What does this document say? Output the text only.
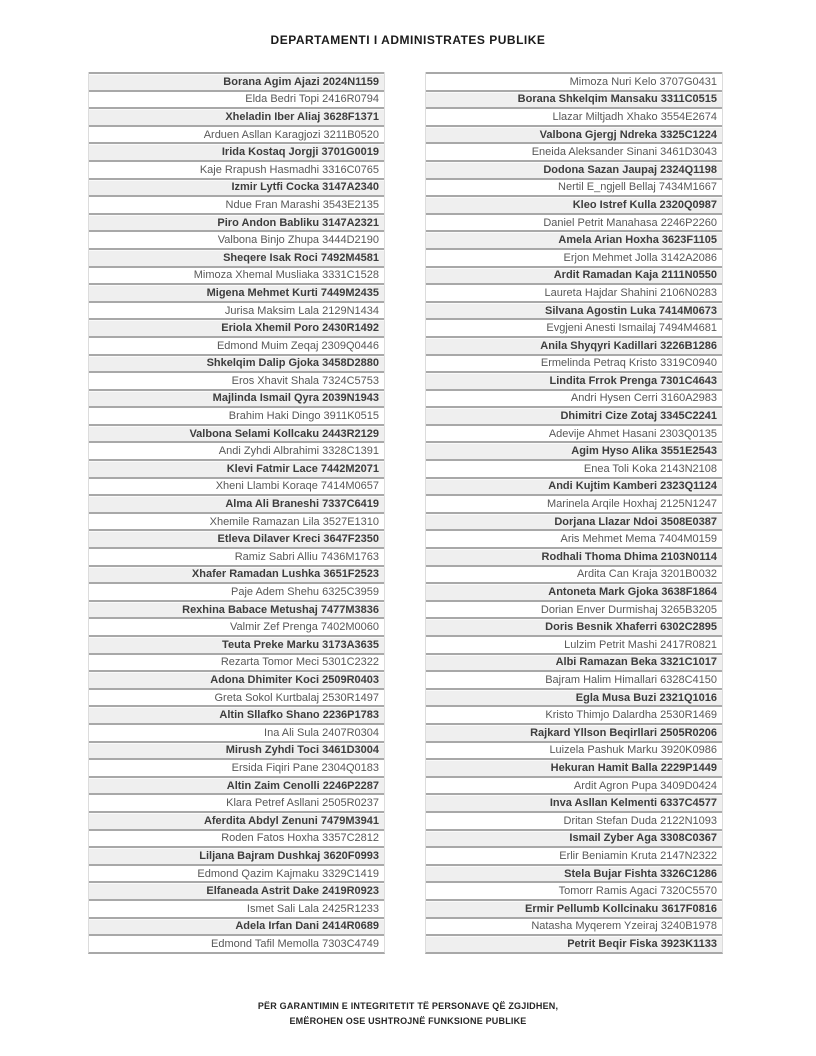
DEPARTAMENTI I ADMINISTRATES PUBLIKE
Borana Agim Ajazi 2024N1159
Elda Bedri Topi 2416R0794
Xheladin Iber Aliaj 3628F1371
Arduen Asllan Karagjozi 3211B0520
Irida Kostaq Jorgji 3701G0019
Kaje Rrapush Hasmadhi 3316C0765
Izmir Lytfi Cocka 3147A2340
Ndue Fran Marashi 3543E2135
Piro Andon Babliku 3147A2321
Valbona Binjo Zhupa 3444D2190
Sheqere Isak Roci 7492M4581
Mimoza Xhemal Musliaka 3331C1528
Migena Mehmet Kurti 7449M2435
Jurisa Maksim Lala 2129N1434
Eriola Xhemil Poro 2430R1492
Edmond Muim Zeqaj 2309Q0446
Shkelqim Dalip Gjoka 3458D2880
Eros Xhavit Shala 7324C5753
Majlinda Ismail Qyra 2039N1943
Brahim Haki Dingo 3911K0515
Valbona Selami Kollcaku 2443R2129
Andi Zyhdi Albrahimi 3328C1391
Klevi Fatmir Lace 7442M2071
Xheni Llambi Koraqe 7414M0657
Alma Ali Braneshi 7337C6419
Xhemile Ramazan Lila 3527E1310
Etleva Dilaver Kreci 3647F2350
Ramiz Sabri Alliu 7436M1763
Xhafer Ramadan Lushka 3651F2523
Paje Adem Shehu 6325C3959
Rexhina Babace Metushaj 7477M3836
Valmir Zef Prenga 7402M0060
Teuta Preke Marku 3173A3635
Rezarta Tomor Meci 5301C2322
Adona Dhimiter Koci 2509R0403
Greta Sokol Kurtbalaj 2530R1497
Altin Sllafko Shano 2236P1783
Ina Ali Sula 2407R0304
Mirush Zyhdi Toci 3461D3004
Ersida Fiqiri Pane 2304Q0183
Altin Zaim Cenolli 2246P2287
Klara Petref Asllani 2505R0237
Aferdita Abdyl Zenuni 7479M3941
Roden Fatos Hoxha 3357C2812
Liljana Bajram Dushkaj 3620F0993
Edmond Qazim Kajmaku 3329C1419
Elfaneada Astrit Dake 2419R0923
Ismet Sali Lala 2425R1233
Adela Irfan Dani 2414R0689
Edmond Tafil Memolla 7303C4749
Mimoza Nuri Kelo 3707G0431
Borana Shkelqim Mansaku 3311C0515
Llazar Miltjadh Xhako 3554E2674
Valbona Gjergj Ndreka 3325C1224
Eneida Aleksander Sinani 3461D3043
Dodona Sazan Jaupaj 2324Q1198
Nertil E_ngjell Bellaj 7434M1667
Kleo Istref Kulla 2320Q0987
Daniel Petrit Manahasa 2246P2260
Amela Arian Hoxha 3623F1105
Erjon Mehmet Jolla 3142A2086
Ardit Ramadan Kaja 2111N0550
Laureta Hajdar Shahini 2106N0283
Silvana Agostin Luka 7414M0673
Evgjeni Anesti Ismailaj 7494M4681
Anila Shyqyri Kadillari 3226B1286
Ermelinda Petraq Kristo 3319C0940
Lindita Frrok Prenga 7301C4643
Andri Hysen Cerri 3160A2983
Dhimitri Cize Zotaj 3345C2241
Adevije Ahmet Hasani 2303Q0135
Agim Hyso Alika 3551E2543
Enea Toli Koka 2143N2108
Andi Kujtim Kamberi 2323Q1124
Marinela Arqile Hoxhaj 2125N1247
Dorjana Llazar Ndoi 3508E0387
Aris Mehmet Mema 7404M0159
Rodhali Thoma Dhima 2103N0114
Ardita Can Kraja 3201B0032
Antoneta Mark Gjoka 3638F1864
Dorian Enver Durmishaj 3265B3205
Doris Besnik Xhaferri 6302C2895
Lulzim Petrit Mashi 2417R0821
Albi Ramazan Beka 3321C1017
Bajram Halim Himallari 6328C4150
Egla Musa Buzi 2321Q1016
Kristo Thimjo Dalardha 2530R1469
Rajkard Yllson Beqirllari 2505R0206
Luizela Pashuk Marku 3920K0986
Hekuran Hamit Balla 2229P1449
Ardit Agron Pupa 3409D0424
Inva Asllan Kelmenti 6337C4577
Dritan Stefan Duda 2122N1093
Ismail Zyber Aga 3308C0367
Erlir Beniamin Kruta 2147N2322
Stela Bujar Fishta 3326C1286
Tomorr Ramis Agaci 7320C5570
Ermir Pellumb Kollcinaku 3617F0816
Natasha Myqerem Yzeiraj 3240B1978
Petrit Beqir Fiska 3923K1133
PËR GARANTIMIN E INTEGRITETIT TË PERSONAVE QË ZGJIDHEN,
EMËROHEN OSE USHTROJNË FUNKSIONE PUBLIKE
